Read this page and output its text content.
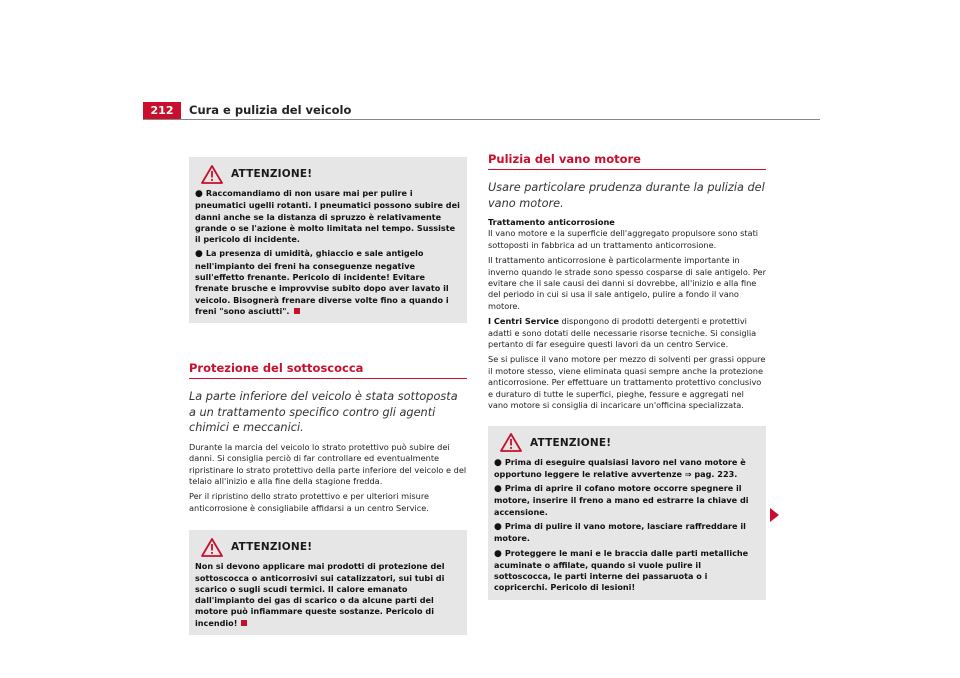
212	Cura e pulizia del veicolo
ATTENZIONE!

● Raccomandiamo di non usare mai per pulire i pneumatici ugelli rotanti. I pneumatici possono subire dei danni anche se la distanza di spruzzo è relativamente grande o se l'azione è molto limitata nel tempo. Sussiste il pericolo di incidente.

● La presenza di umidità, ghiaccio e sale antigelo nell'impianto dei freni ha conseguenze negative sull'effetto frenante. Pericolo di incidente! Evitare frenate brusche e improvvise subito dopo aver lavato il veicolo. Bisognerà frenare diverse volte fino a quando i freni "sono asciutti".

Protezione del sottoscocca
La parte inferiore del veicolo è stata sottoposta a un trattamento specifico contro gli agenti chimici e meccanici.

Durante la marcia del veicolo lo strato protettivo può subire dei danni. Si consiglia perciò di far controllare ed eventualmente ripristinare lo strato protettivo della parte inferiore del veicolo e del telaio all'inizio e alla fine della stagione fredda.

Per il ripristino dello strato protettivo e per ulteriori misure anticorrosione è consigliabile affidarsi a un centro Service.

ATTENZIONE!

Non si devono applicare mai prodotti di protezione del sottoscocca o anticorrosivi sui catalizzatori, sui tubi di scarico o sugli scudi termici. Il calore emanato dall'impianto dei gas di scarico o da alcune parti del motore può infiammare queste sostanze. Pericolo di incendio!

Pulizia del vano motore
Usare particolare prudenza durante la pulizia del vano motore.

Trattamento anticorrosione

Il vano motore e la superficie dell'aggregato propulsore sono stati sottoposti in fabbrica ad un trattamento anticorrosione.

Il trattamento anticorrosione è particolarmente importante in inverno quando le strade sono spesso cosparse di sale antigelo. Per evitare che il sale causi dei danni si dovrebbe, all'inizio e alla fine del periodo in cui si usa il sale antigelo, pulire a fondo il vano motore.

I Centri Service dispongono di prodotti detergenti e protettivi adatti e sono dotati delle necessarie risorse tecniche. Si consiglia pertanto di far eseguire questi lavori da un centro Service.

Se si pulisce il vano motore per mezzo di solventi per grassi oppure il motore stesso, viene eliminata quasi sempre anche la protezione anticorrosione. Per effettuare un trattamento protettivo conclusivo e duraturo di tutte le superfici, pieghe, fessure e aggregati nel vano motore si consiglia di incaricare un'officina specializzata.

ATTENZIONE!

● Prima di eseguire qualsiasi lavoro nel vano motore è opportuno leggere le relative avvertenze ⇒ pag. 223.

● Prima di aprire il cofano motore occorre spegnere il motore, inserire il freno a mano ed estrarre la chiave di accensione.

● Prima di pulire il vano motore, lasciare raffreddare il motore.

● Proteggere le mani e le braccia dalle parti metalliche acuminate o affilate, quando si vuole pulire il sottoscocca, le parti interne dei passaruota o i copricerchi. Pericolo di lesioni!
